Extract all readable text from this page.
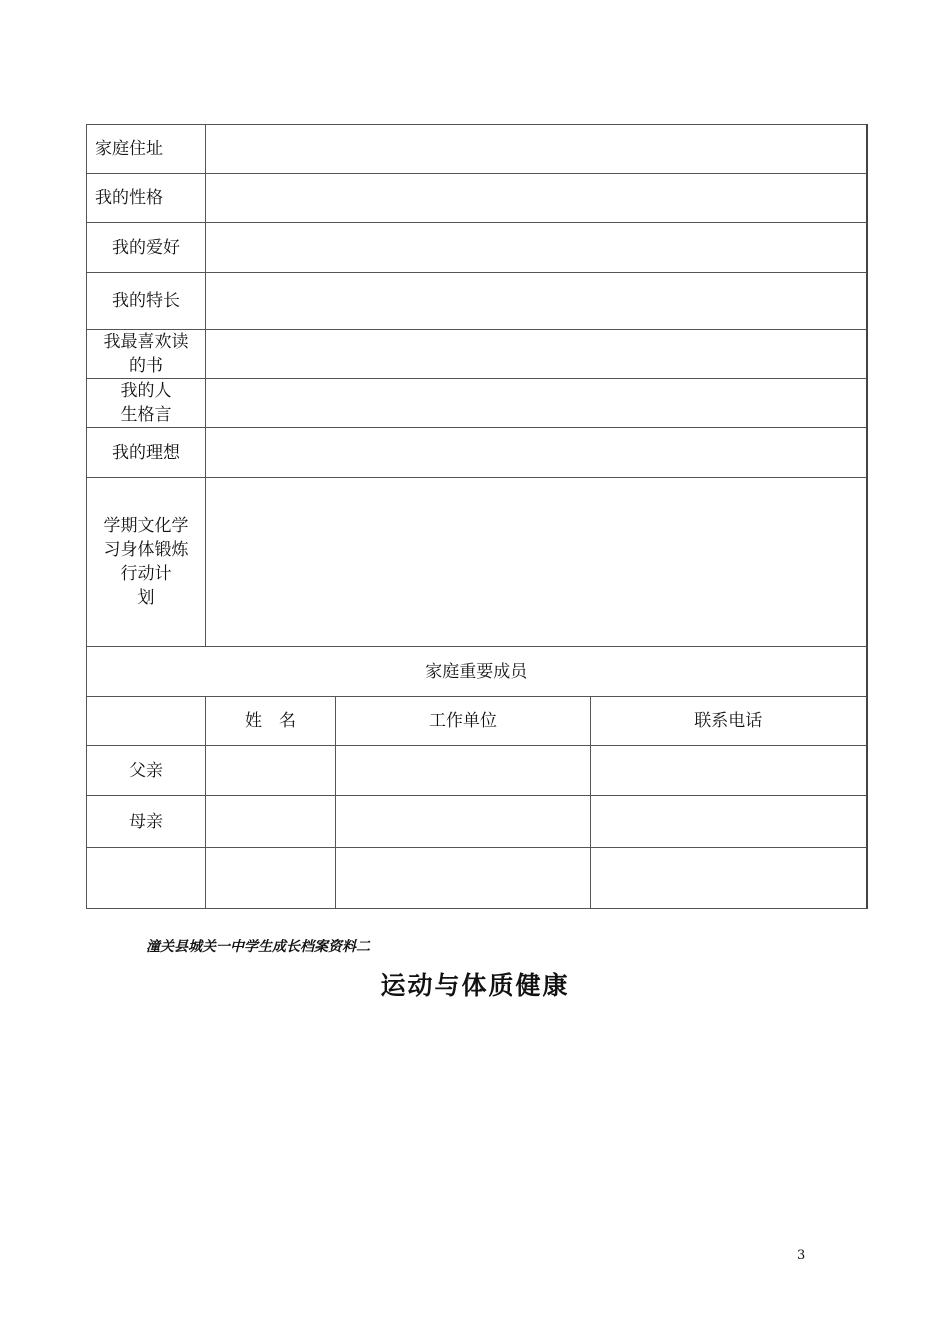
家庭住址			
我的性格			
我的爱好			
我的特长			

我最喜欢读
的书			

我的人
生格言			

我的理想			

学期文化学
习身体锻炼
行动计
划			

家庭重要成员			
	姓　名	工作单位	联系电话
父亲			
母亲			

潼关县城关一中学生成长档案资料二
运动与体质健康
3
